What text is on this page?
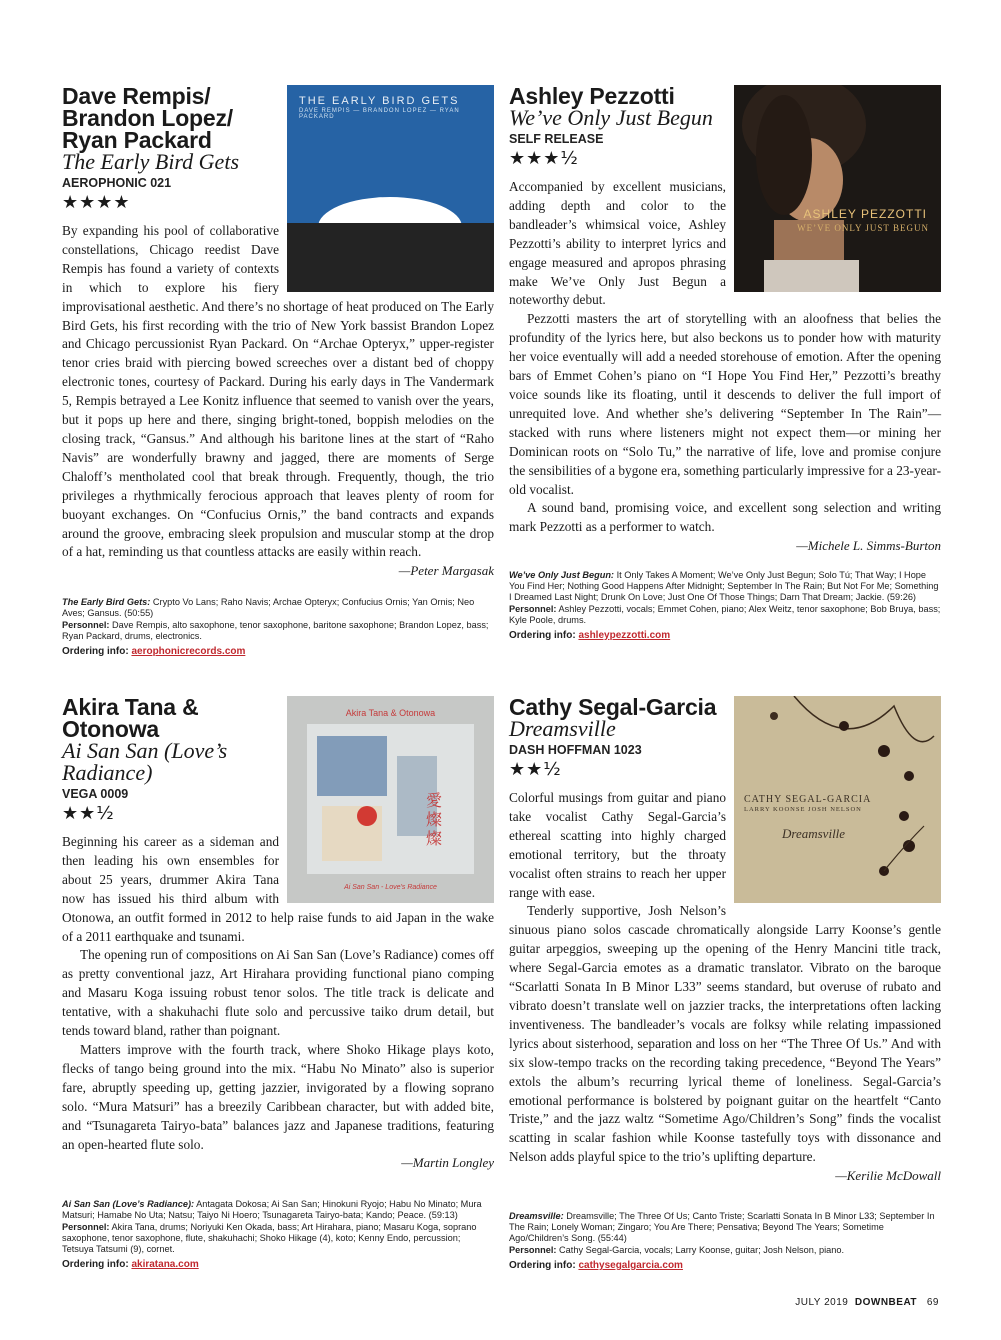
THE EARLY BIRD GETS
DAVE REMPIS — BRANDON LOPEZ — RYAN PACKARD
Dave Rempis/
Brandon Lopez/
Ryan Packard
The Early Bird Gets
AEROPHONIC 021
★★★★

By expanding his pool of collaborative constellations, Chicago reedist Dave Rempis has found a variety of contexts in which to explore his fiery improvisational aesthetic. And there’s no shortage of heat produced on The Early Bird Gets, his first recording with the trio of New York bassist Brandon Lopez and Chicago percussionist Ryan Packard. On “Archae Opteryx,” upper-register tenor cries braid with piercing bowed screeches over a distant bed of choppy electronic tones, courtesy of Packard. During his early days in The Vandermark 5, Rempis betrayed a Lee Konitz influence that seemed to vanish over the years, but it pops up here and there, singing bright-toned, boppish melodies on the closing track, “Gansus.” And although his baritone lines at the start of “Raho Navis” are wonderfully brawny and jagged, there are moments of Serge Chaloff’s mentholated cool that break through. Frequently, though, the trio privileges a rhythmically ferocious approach that leaves plenty of room for buoyant exchanges. On “Confucius Ornis,” the band contracts and expands around the groove, embracing sleek propulsion and muscular stomp at the drop of a hat, reminding us that countless attacks are easily within reach.

—Peter Margasak
The Early Bird Gets: Crypto Vo Lans; Raho Navis; Archae Opteryx; Confucius Ornis; Yan Ornis; Neo Aves; Gansus. (50:55)
Personnel: Dave Rempis, alto saxophone, tenor saxophone, baritone saxophone; Brandon Lopez, bass; Ryan Packard, drums, electronics.
Ordering info: aerophonicrecords.com
ASHLEY PEZZOTTI
WE’VE ONLY JUST BEGUN
Ashley Pezzotti
We’ve Only Just Begun
SELF RELEASE
★★★½

Accompanied by excellent musicians, adding depth and color to the bandleader’s whimsical voice, Ashley Pezzotti’s ability to interpret lyrics and engage measured and apropos phrasing make We’ve Only Just Begun a noteworthy debut.

Pezzotti masters the art of storytelling with an aloofness that belies the profundity of the lyrics here, but also beckons us to ponder how with maturity her voice eventually will add a needed storehouse of emotion. After the opening bars of Emmet Cohen’s piano on “I Hope You Find Her,” Pezzotti’s breathy voice sounds like its floating, until it descends to deliver the full import of unrequited love. And whether she’s delivering “September In The Rain”—stacked with runs where listeners might not expect them—or mining her Dominican roots on “Solo Tu,” the narrative of life, love and promise conjure the sensibilities of a bygone era, something particularly impressive for a 23-year-old vocalist.

A sound band, promising voice, and excellent song selection and writing mark Pezzotti as a performer to watch.

—Michele L. Simms-Burton
We’ve Only Just Begun: It Only Takes A Moment; We’ve Only Just Begun; Solo Tú; That Way; I Hope You Find Her; Nothing Good Happens After Midnight; September In The Rain; But Not For Me; Something I Dreamed Last Night; Drunk On Love; Just One Of Those Things; Darn That Dream; Jackie. (59:26)
Personnel: Ashley Pezzotti, vocals; Emmet Cohen, piano; Alex Weitz, tenor saxophone; Bob Bruya, bass; Kyle Poole, drums.
Ordering info: ashleypezzotti.com
Akira Tana & Otonowa
愛燦燦
Ai San San - Love’s Radiance
Akira Tana &
Otonowa
Ai San San (Love’s Radiance)
VEGA 0009
★★½

Beginning his career as a sideman and then leading his own ensembles for about 25 years, drummer Akira Tana now has issued his third album with Otonowa, an outfit formed in 2012 to help raise funds to aid Japan in the wake of a 2011 earthquake and tsunami.

The opening run of compositions on Ai San San (Love’s Radiance) comes off as pretty conventional jazz, Art Hirahara providing functional piano comping and Masaru Koga issuing robust tenor solos. The title track is delicate and tentative, with a shakuhachi flute solo and percussive taiko drum detail, but tends toward bland, rather than poignant.

Matters improve with the fourth track, where Shoko Hikage plays koto, flecks of tango being ground into the mix. “Habu No Minato” also is superior fare, abruptly speeding up, getting jazzier, invigorated by a flowing soprano solo. “Mura Matsuri” has a breezily Caribbean character, but with added bite, and “Tsunagareta Tairyo-bata” balances jazz and Japanese traditions, featuring an open-hearted flute solo.

—Martin Longley
Ai San San (Love’s Radiance): Antagata Dokosa; Ai San San; Hinokuni Ryojo; Habu No Minato; Mura Matsuri; Hamabe No Uta; Natsu; Taiyo Ni Hoero; Tsunagareta Tairyo-bata; Kando; Peace. (59:13)
Personnel: Akira Tana, drums; Noriyuki Ken Okada, bass; Art Hirahara, piano; Masaru Koga, soprano saxophone, tenor saxophone, flute, shakuhachi; Shoko Hikage (4), koto; Kenny Endo, percussion; Tetsuya Tatsumi (9), cornet.
Ordering info: akiratana.com
CATHY SEGAL-GARCIA
LARRY KOONSE JOSH NELSON
Dreamsville
Cathy Segal-Garcia
Dreamsville
DASH HOFFMAN 1023
★★½

Colorful musings from guitar and piano take vocalist Cathy Segal-Garcia’s ethereal scatting into highly charged emotional territory, but the throaty vocalist often strains to reach her upper range with ease.

Tenderly supportive, Josh Nelson’s sinuous piano solos cascade chromatically alongside Larry Koonse’s gentle guitar arpeggios, sweeping up the opening of the Henry Mancini title track, where Segal-Garcia emotes as a dramatic translator. Vibrato on the baroque “Scarlatti Sonata In B Minor L33” seems standard, but overuse of rubato and vibrato doesn’t translate well on jazzier tracks, the interpretations often lacking inventiveness. The bandleader’s vocals are folksy while relating impassioned lyrics about sisterhood, separation and loss on her “The Three Of Us.” And with six slow-tempo tracks on the recording taking precedence, “Beyond The Years” extols the album’s recurring lyrical theme of loneliness. Segal-Garcia’s emotional performance is bolstered by poignant guitar on the heartfelt “Canto Triste,” and the jazz waltz “Sometime Ago/Children’s Song” finds the vocalist scatting in scalar fashion while Koonse tastefully toys with dissonance and Nelson adds playful spice to the trio’s uplifting departure.

—Kerilie McDowall
Dreamsville: Dreamsville; The Three Of Us; Canto Triste; Scarlatti Sonata In B Minor L33; September In The Rain; Lonely Woman; Zingaro; You Are There; Pensativa; Beyond The Years; Sometime Ago/Children’s Song. (55:44)
Personnel: Cathy Segal-Garcia, vocals; Larry Koonse, guitar; Josh Nelson, piano.
Ordering info: cathysegalgarcia.com
JULY 2019 DOWNBEAT 69
